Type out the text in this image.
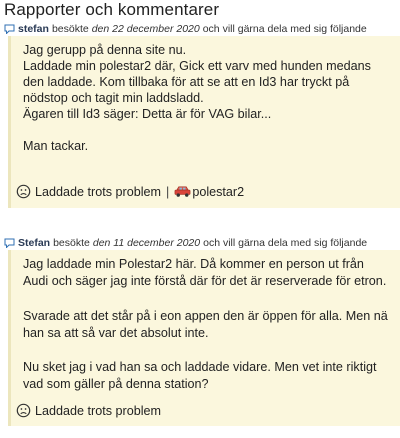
Rapporter och kommentarer
stefan besökte den 22 december 2020 och vill gärna dela med sig följande
Jag gerupp på denna site nu.
Laddade min polestar2 där, Gick ett varv med hunden medans den laddade. Kom tillbaka för att se att en Id3 har tryckt på nödstop och tagit min laddsladd.
Ägaren till Id3 säger: Detta är för VAG bilar...

Man tackar.
Laddade trots problem | polestar2
Stefan besökte den 11 december 2020 och vill gärna dela med sig följande
Jag laddade min Polestar2 här. Då kommer en person ut från Audi och säger jag inte förstå där för det är reserverade för etron.

Svarade att det står på i eon appen den är öppen för alla. Men nä han sa att så var det absolut inte.

Nu sket jag i vad han sa och laddade vidare. Men vet inte riktigt vad som gäller på denna station?
Laddade trots problem
